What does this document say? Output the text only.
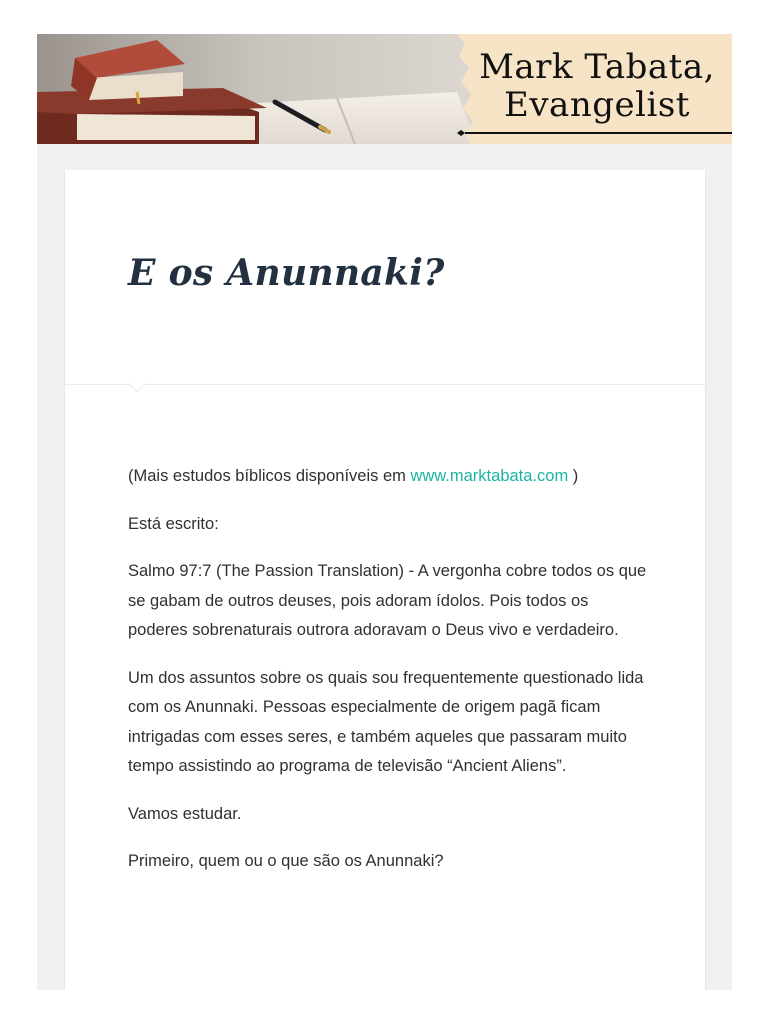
Mark Tabata,
Evangelist
E os Anunnaki?

(Mais estudos bíblicos disponíveis em www.marktabata.com )

Está escrito:

Salmo 97:7 (The Passion Translation) - A vergonha cobre todos os que se gabam de outros deuses, pois adoram ídolos. Pois todos os poderes sobrenaturais outrora adoravam o Deus vivo e verdadeiro.

Um dos assuntos sobre os quais sou frequentemente questionado lida com os Anunnaki. Pessoas especialmente de origem pagã ficam intrigadas com esses seres, e também aqueles que passaram muito tempo assistindo ao programa de televisão “Ancient Aliens”.

Vamos estudar.

Primeiro, quem ou o que são os Anunnaki?
